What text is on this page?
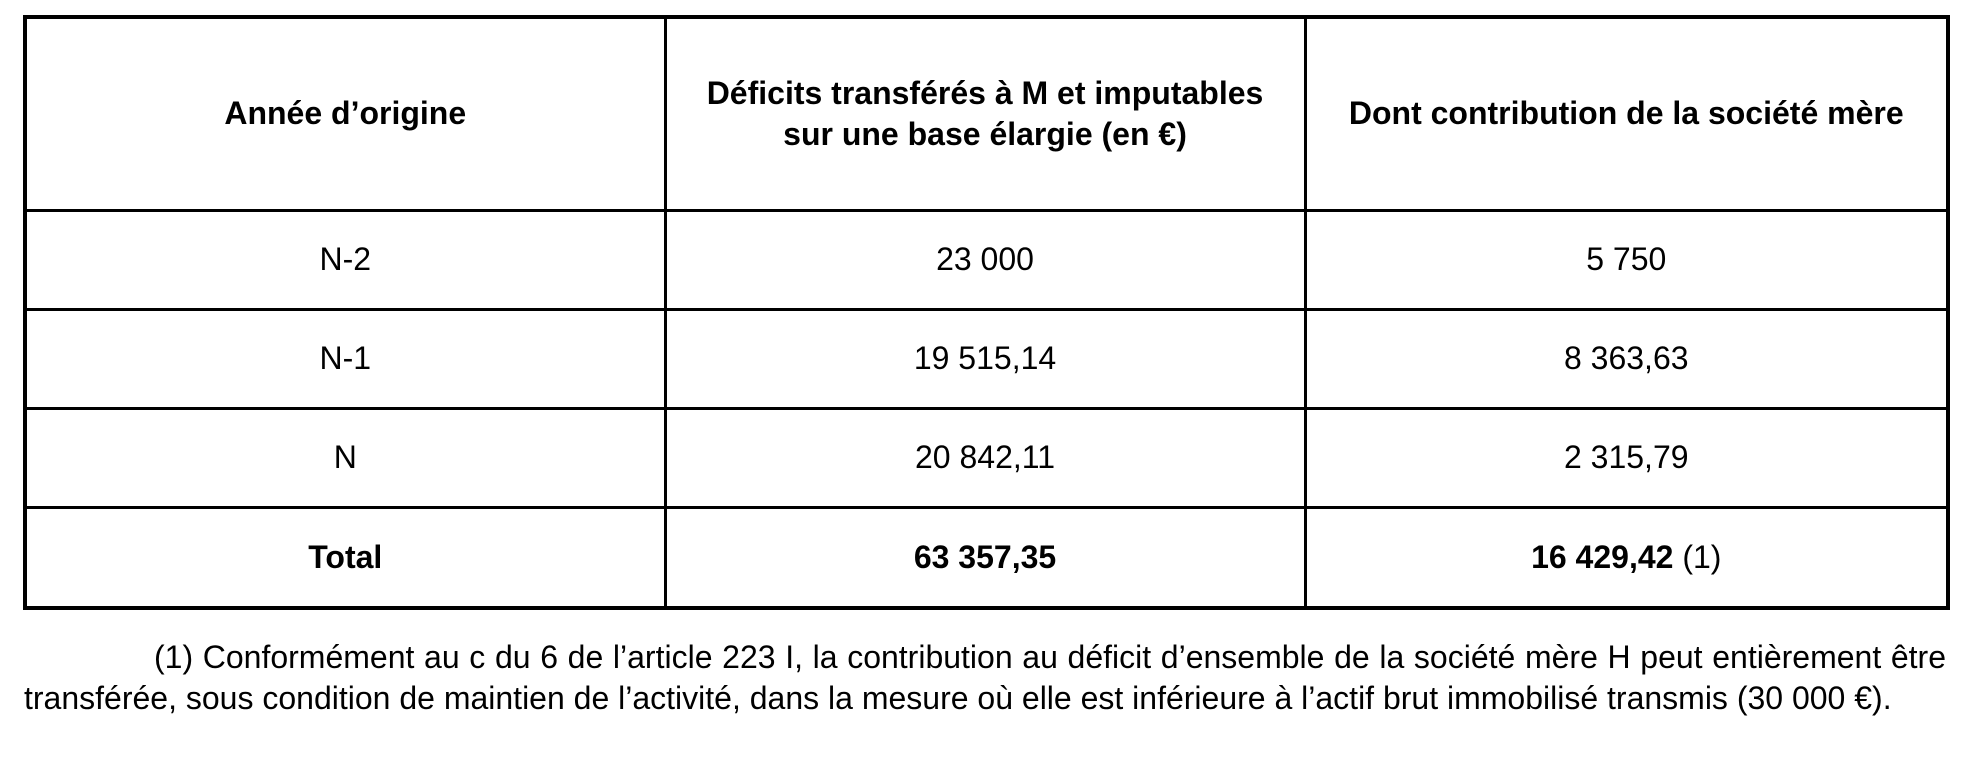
Année d’origine	Déficits transférés à M et imputables sur une base élargie (en €)	Dont contribution de la société mère
N-2	23 000	5 750
N-1	19 515,14	8 363,63
N	20 842,11	2 315,79
Total	63 357,35	16 429,42 (1)

(1) Conformément au c du 6 de l’article 223 I, la contribution au déficit d’ensemble de la société mère H peut entièrement être transférée, sous condition de maintien de l’activité, dans la mesure où elle est inférieure à l’actif brut immobilisé transmis (30 000 €).
